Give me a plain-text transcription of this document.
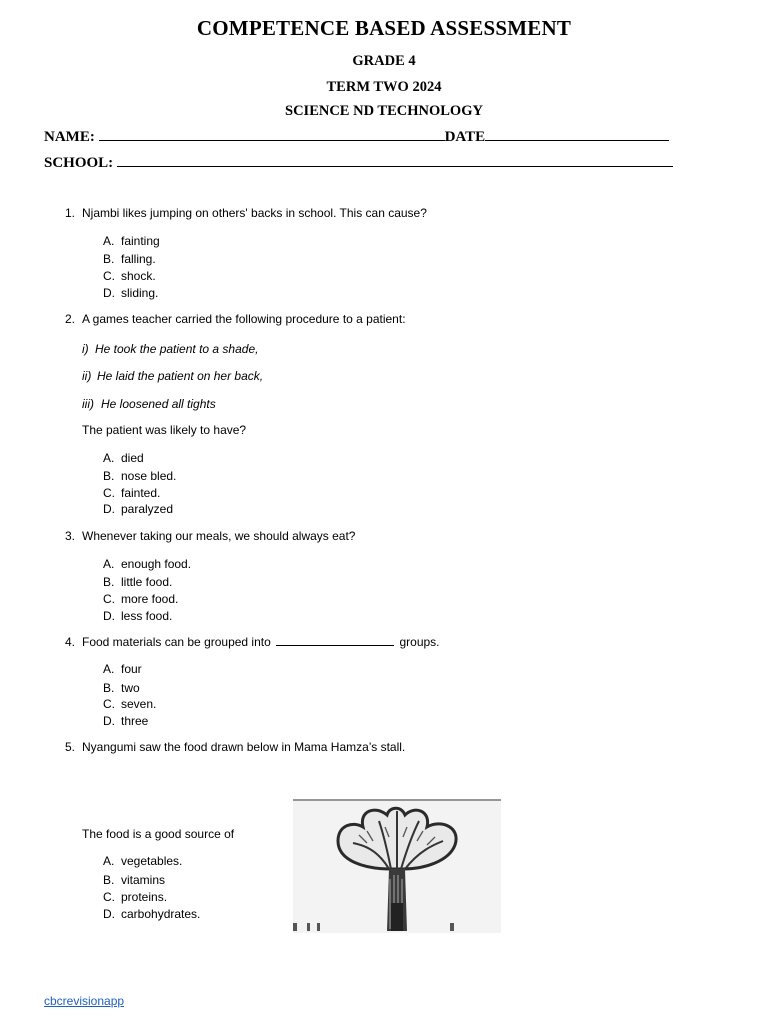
COMPETENCE BASED ASSESSMENT
GRADE 4
TERM TWO 2024
SCIENCE ND TECHNOLOGY
NAME:	DATE
SCHOOL:
1. Njambi likes jumping on others' backs in school. This can cause?
A. fainting
B. falling.
C. shock.
D. sliding.
2. A games teacher carried the following procedure to a patient:
i) He took the patient to a shade,
ii) He laid the patient on her back,
iii) He loosened all tights
The patient was likely to have?
A. died
B. nose bled.
C. fainted.
D. paralyzed
3. Whenever taking our meals, we should always eat?
A. enough food.
B. little food.
C. more food.
D. less food.
4. Food materials can be grouped into	groups.
A. four
B. two
C. seven.
D. three
5. Nyangumi saw the food drawn below in Mama Hamza’s stall.
The food is a good source of
A. vegetables.
B. vitamins
C. proteins.
D. carbohydrates.
cbcrevisionapp
